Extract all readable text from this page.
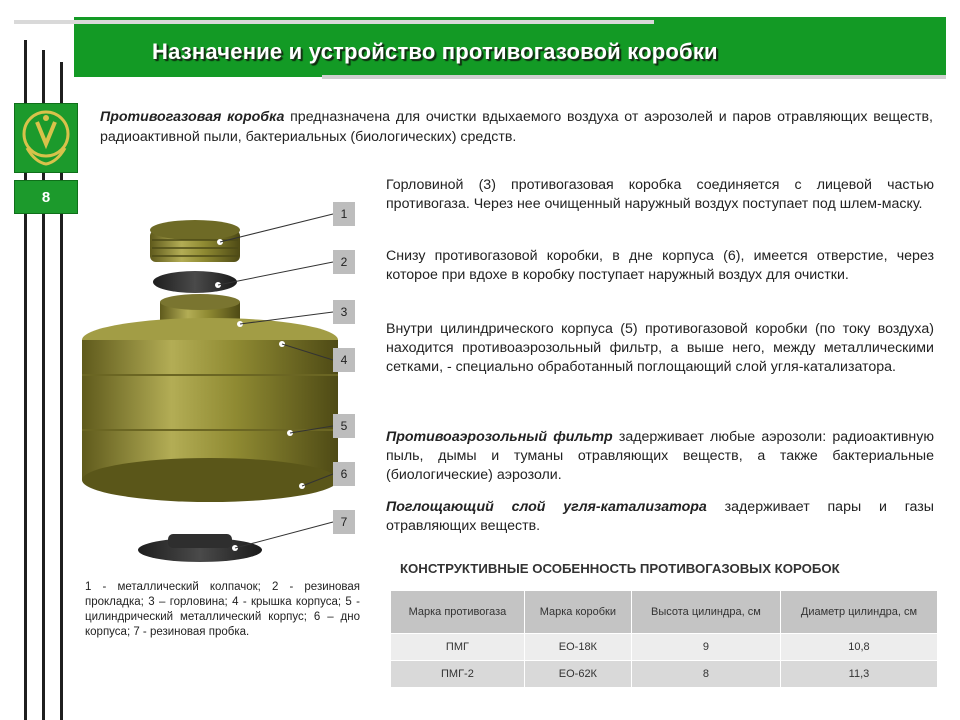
Назначение и устройство противогазовой коробки
8
Противогазовая коробка предназначена для очистки вдыхаемого воздуха от аэрозолей и паров отравляющих веществ, радиоактивной пыли, бактериальных (биологических) средств.
Горловиной (3) противогазовая коробка соединяется с лицевой частью противогаза. Через нее очищенный наружный воздух поступает под шлем-маску.
Снизу противогазовой коробки, в дне корпуса (6), имеется отверстие, через которое при вдохе в коробку поступает наружный воздух для очистки.
Внутри цилиндрического корпуса (5) противогазовой коробки (по току воздуха) находится противоаэрозольный фильтр, а выше него, между металлическими сетками, - специально обработанный поглощающий слой угля-катализатора.
Противоаэрозольный фильтр задерживает любые аэрозоли: радиоактивную пыль, дымы и туманы отравляющих веществ, а также бактериальные (биологические) аэрозоли.
Поглощающий слой угля-катализатора задерживает пары и газы отравляющих веществ.
1
2
3
4
5
6
7
1 - металлический колпачок; 2 - резиновая прокладка; 3 – горловина; 4 - крышка корпуса; 5 - цилиндрический металлический корпус; 6 – дно корпуса; 7 - резиновая пробка.
КОНСТРУКТИВНЫЕ ОСОБЕННОСТЬ ПРОТИВОГАЗОВЫХ КОРОБОК
Марка противогаза	Марка коробки	Высота цилиндра, см	Диаметр цилиндра, см
ПМГ	ЕО-18К	9	10,8
ПМГ-2	ЕО-62К	8	11,3
